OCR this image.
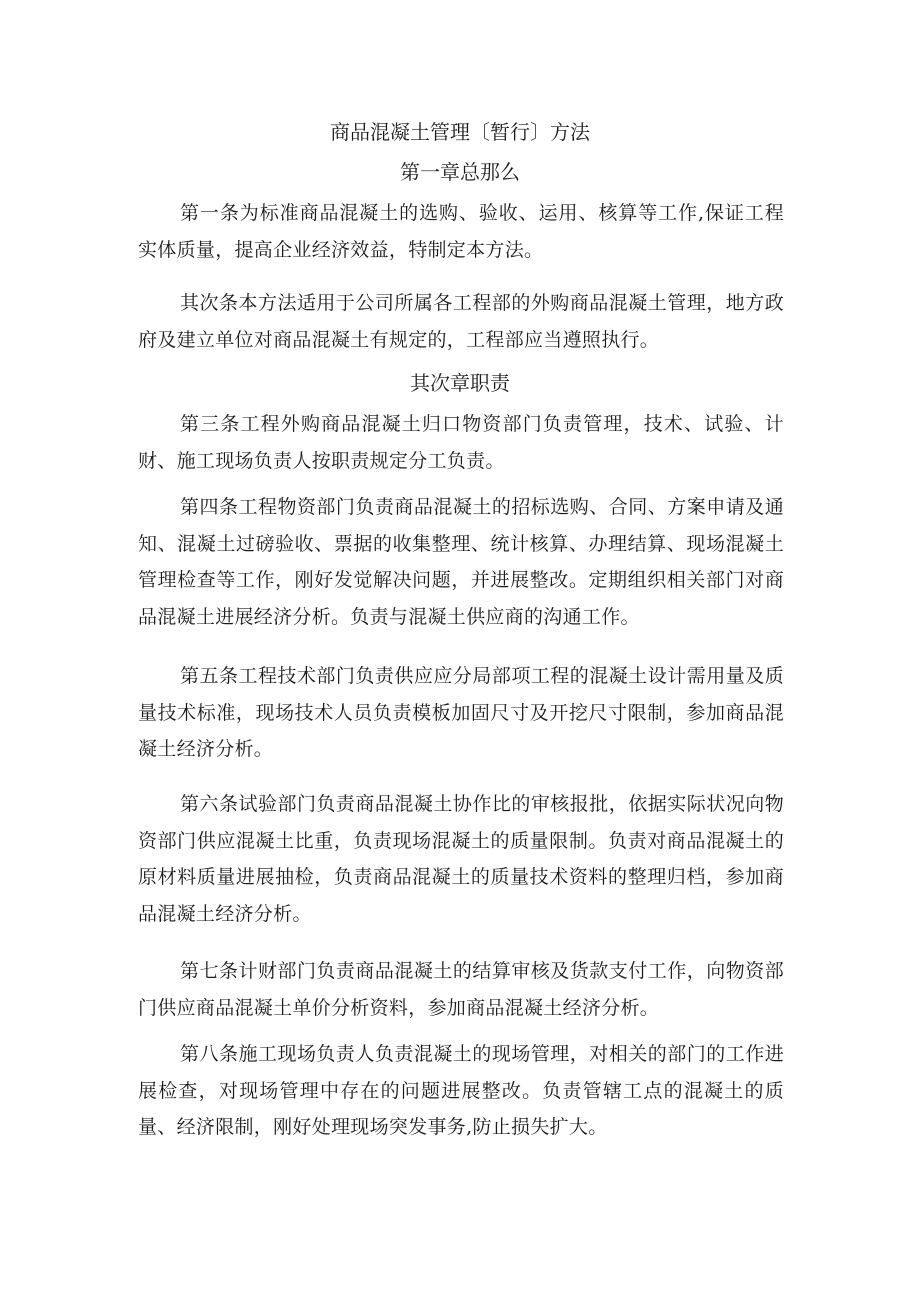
商品混凝土管理〔暂行〕方法
第一章总那么

第一条为标准商品混凝土的选购、验收、运用、核算等工作,保证工程实体质量，提高企业经济效益，特制定本方法。

其次条本方法适用于公司所属各工程部的外购商品混凝土管理，地方政府及建立单位对商品混凝土有规定的，工程部应当遵照执行。

其次章职责

第三条工程外购商品混凝土归口物资部门负责管理，技术、试验、计财、施工现场负责人按职责规定分工负责。

第四条工程物资部门负责商品混凝土的招标选购、合同、方案申请及通知、混凝土过磅验收、票据的收集整理、统计核算、办理结算、现场混凝土管理检查等工作，刚好发觉解决问题，并进展整改。定期组织相关部门对商品混凝土进展经济分析。负责与混凝土供应商的沟通工作。

第五条工程技术部门负责供应应分局部项工程的混凝土设计需用量及质量技术标准，现场技术人员负责模板加固尺寸及开挖尺寸限制，参加商品混凝土经济分析。

第六条试验部门负责商品混凝土协作比的审核报批，依据实际状况向物资部门供应混凝土比重，负责现场混凝土的质量限制。负责对商品混凝土的原材料质量进展抽检，负责商品混凝土的质量技术资料的整理归档，参加商品混凝土经济分析。

第七条计财部门负责商品混凝土的结算审核及货款支付工作，向物资部门供应商品混凝土单价分析资料，参加商品混凝土经济分析。

第八条施工现场负责人负责混凝土的现场管理，对相关的部门的工作进展检查，对现场管理中存在的问题进展整改。负责管辖工点的混凝土的质量、经济限制，刚好处理现场突发事务,防止损失扩大。
